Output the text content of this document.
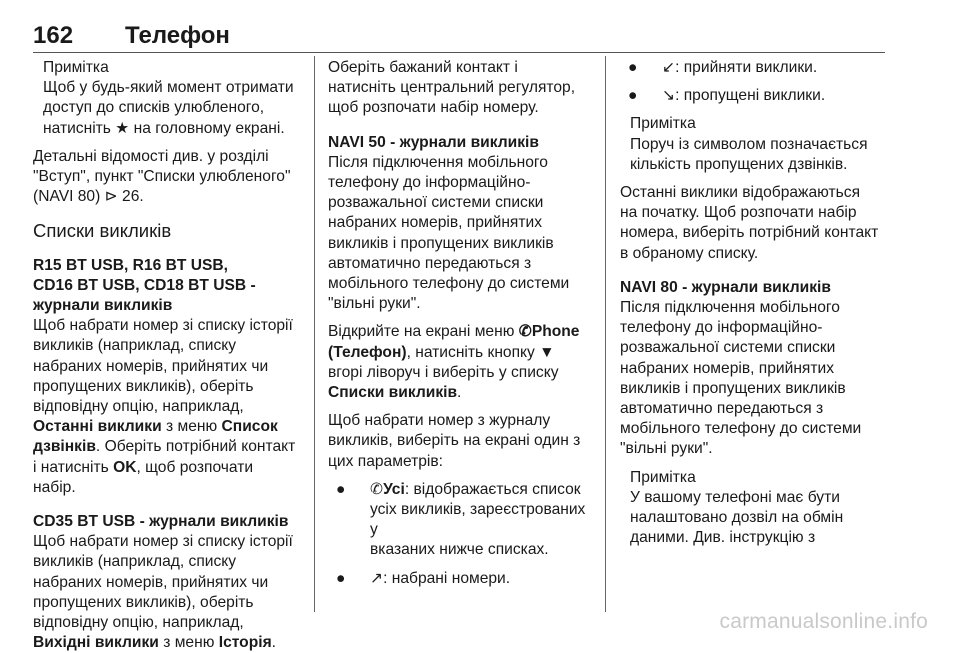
162 Телефон

Примітка

Щоб у будь-який момент отримати

доступ до списків улюбленого,

натисніть ★ на головному екрані.

Детальні відомості див. у розділі

"Вступ", пункт "Списки улюбленого"

(NAVI 80) ⊳ 26.

Списки викликів

R15 BT USB, R16 BT USB,

CD16 BT USB, CD18 BT USB -

журнали викликів

Щоб набрати номер зі списку історії

викликів (наприклад, списку

набраних номерів, прийнятих чи

пропущених викликів), оберіть

відповідну опцію, наприклад,

Останні виклики з меню Список

дзвінків. Оберіть потрібний контакт

і натисніть OK, щоб розпочати

набір.

CD35 BT USB - журнали викликів

Щоб набрати номер зі списку історії

викликів (наприклад, списку

набраних номерів, прийнятих чи

пропущених викликів), оберіть

відповідну опцію, наприклад,

Вихідні виклики з меню Історія.

Оберіть бажаний контакт і

натисніть центральний регулятор,

щоб розпочати набір номеру.

NAVI 50 - журнали викликів

Після підключення мобільного

телефону до інформаційно-

розважальної системи списки

набраних номерів, прийнятих

викликів і пропущених викликів

автоматично передаються з

мобільного телефону до системи

"вільні руки".

Відкрийте на екрані меню ✆Phone

(Телефон), натисніть кнопку ▼

вгорі ліворуч і виберіть у списку

Списки викликів.

Щоб набрати номер з журналу

викликів, виберіть на екрані один з

цих параметрів:

● ✆Усі: відображається список

усіх викликів, зареєстрованих у

вказаних нижче списках.

● ↗: набрані номери.

● ↙: прийняти виклики.

● ↘: пропущені виклики.

Примітка

Поруч із символом позначається

кількість пропущених дзвінків.

Останні виклики відображаються

на початку. Щоб розпочати набір

номера, виберіть потрібний контакт

в обраному списку.

NAVI 80 - журнали викликів

Після підключення мобільного

телефону до інформаційно-

розважальної системи списки

набраних номерів, прийнятих

викликів і пропущених викликів

автоматично передаються з

мобільного телефону до системи

"вільні руки".

Примітка

У вашому телефоні має бути

налаштовано дозвіл на обмін

даними. Див. інструкцію з

carmanualsonline.info
